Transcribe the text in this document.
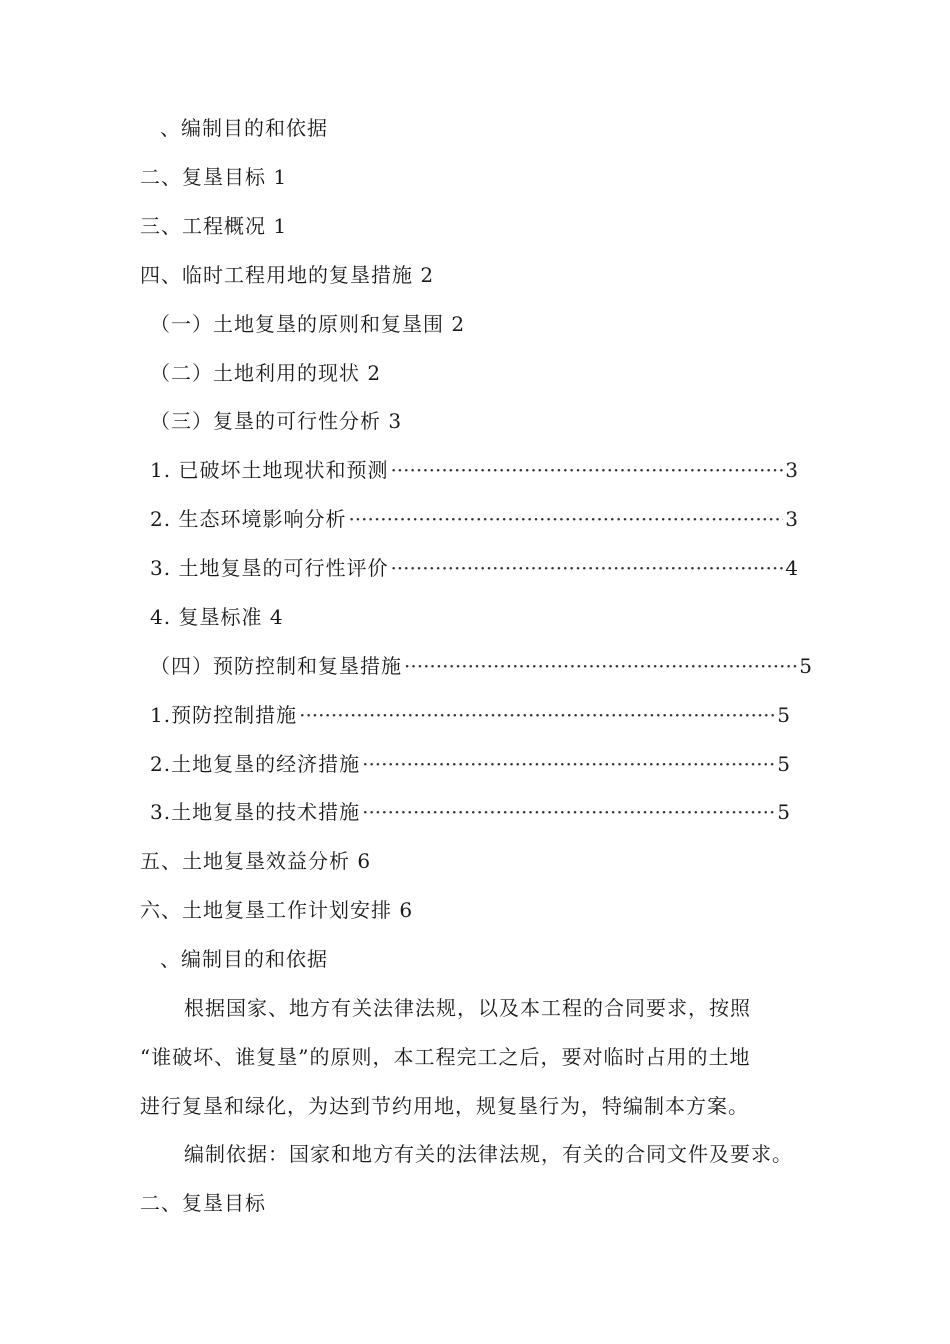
、编制目的和依据
二、复垦目标 1
三、工程概况 1
四、临时工程用地的复垦措施 2
（一）土地复垦的原则和复垦围 2
（二）土地利用的现状 2
（三）复垦的可行性分析 3
1. 已破坏土地现状和预测 ·····	3
2. 生态环境影响分析 ·····	3
3. 土地复垦的可行性评价 ·····	4
4. 复垦标准 4
（四）预防控制和复垦措施 ·····	5
1.预防控制措施 ·····	5
2.土地复垦的经济措施 ·····	5
3.土地复垦的技术措施 ·····	5
五、土地复垦效益分析 6
六、土地复垦工作计划安排 6
、编制目的和依据
根据国家、地方有关法律法规，以及本工程的合同要求，按照
“谁破坏、谁复垦”的原则，本工程完工之后，要对临时占用的土地
进行复垦和绿化，为达到节约用地，规复垦行为，特编制本方案。
编制依据：国家和地方有关的法律法规，有关的合同文件及要求。
二、复垦目标
